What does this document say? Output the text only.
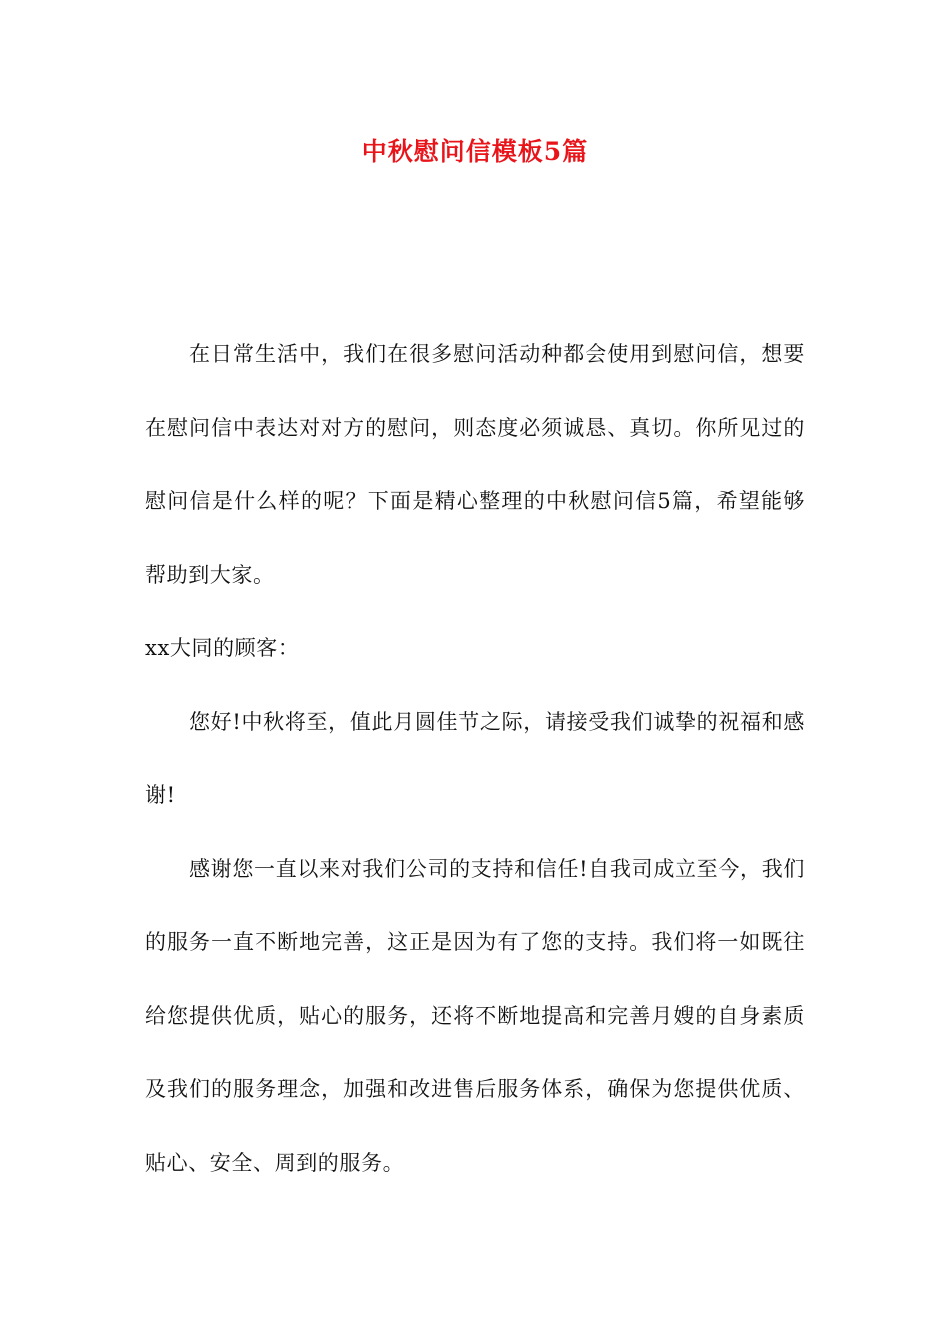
中秋慰问信模板5篇

在日常生活中，我们在很多慰问活动种都会使用到慰问信，想要在慰问信中表达对对方的慰问，则态度必须诚恳、真切。你所见过的慰问信是什么样的呢？下面是精心整理的中秋慰问信5篇，希望能够帮助到大家。

xx大同的顾客：

您好!中秋将至，值此月圆佳节之际，请接受我们诚挚的祝福和感谢!

感谢您一直以来对我们公司的支持和信任!自我司成立至今，我们的服务一直不断地完善，这正是因为有了您的支持。我们将一如既往给您提供优质，贴心的服务，还将不断地提高和完善月嫂的自身素质及我们的服务理念，加强和改进售后服务体系，确保为您提供优质、贴心、安全、周到的服务。
